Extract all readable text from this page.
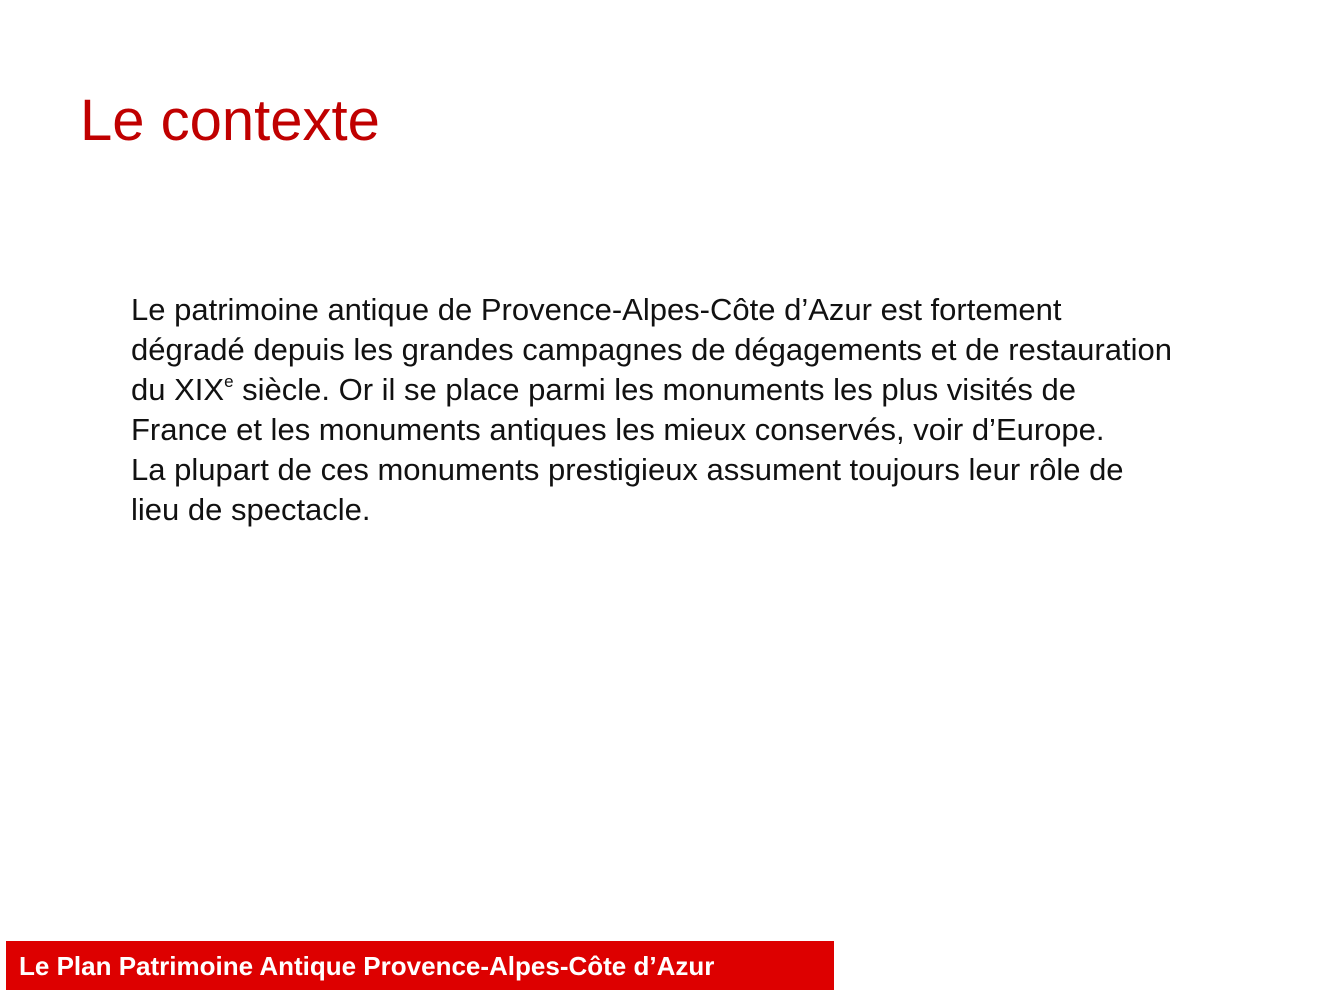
Le contexte
Le patrimoine antique de Provence-Alpes-Côte d’Azur est fortement
dégradé depuis les grandes campagnes de dégagements et de restauration
du XIXe siècle. Or il se place parmi les monuments les plus visités de
France et les monuments antiques les mieux conservés, voir d’Europe.
La plupart de ces monuments prestigieux assument toujours leur rôle de
lieu de spectacle.
Le Plan Patrimoine Antique Provence-Alpes-Côte d’Azur
